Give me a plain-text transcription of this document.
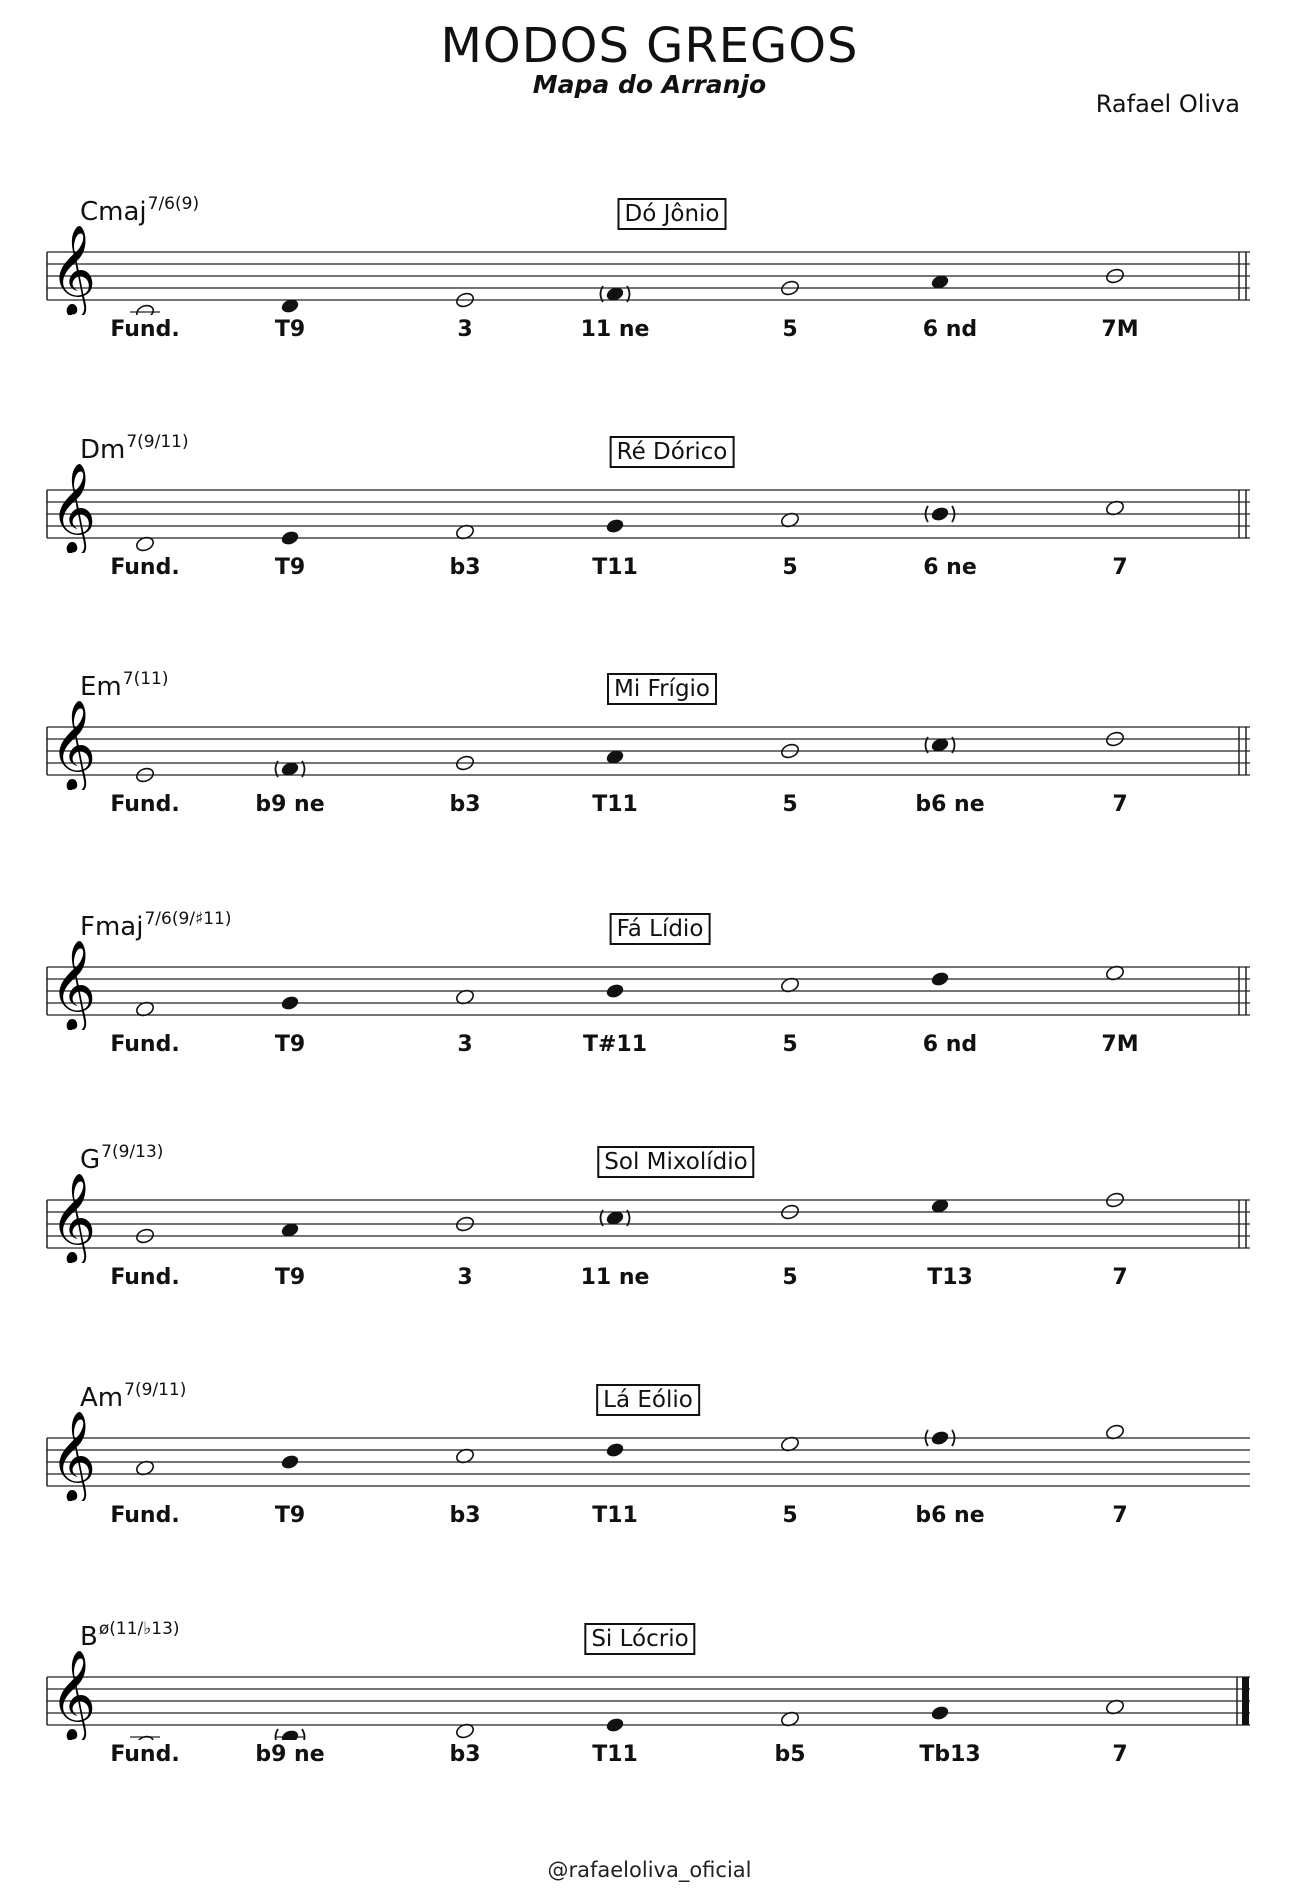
MODOS GREGOS
Mapa do Arranjo
Rafael Oliva
Cmaj$^{7/6(9)}$	Dó Jônio
𝄞
Fund.	T9	3	11 ne	5	6 nd	7M
$Dm^{7(9/11)}$	Ré Dórico
𝄞
Fund.	T9	b3	T11	5	6 ne	7
$Em^{7(11)}$	Mi Frígio
𝄞
Fund.	b9 ne	b3	T11	5	b6 ne	7
Fmaj$^{7/6(9/♯11)}$	Fá Lídio
𝄞
Fund.	T9	3	T#11	5	6 nd	7M
$G^{7(9/13)}$	Sol Mixolídio
𝄞
Fund.	T9	3	11 ne	5	T13	7
$Am^{7(9/11)}$	Lá Eólio
𝄞
Fund.	T9	b3	T11	5	b6 ne	7
$B^{ø(11/♭13)}$	Si Lócrio
𝄞
Fund.	b9 ne	b3	T11	b5	Tb13	7
@rafaeloliva_oficial
